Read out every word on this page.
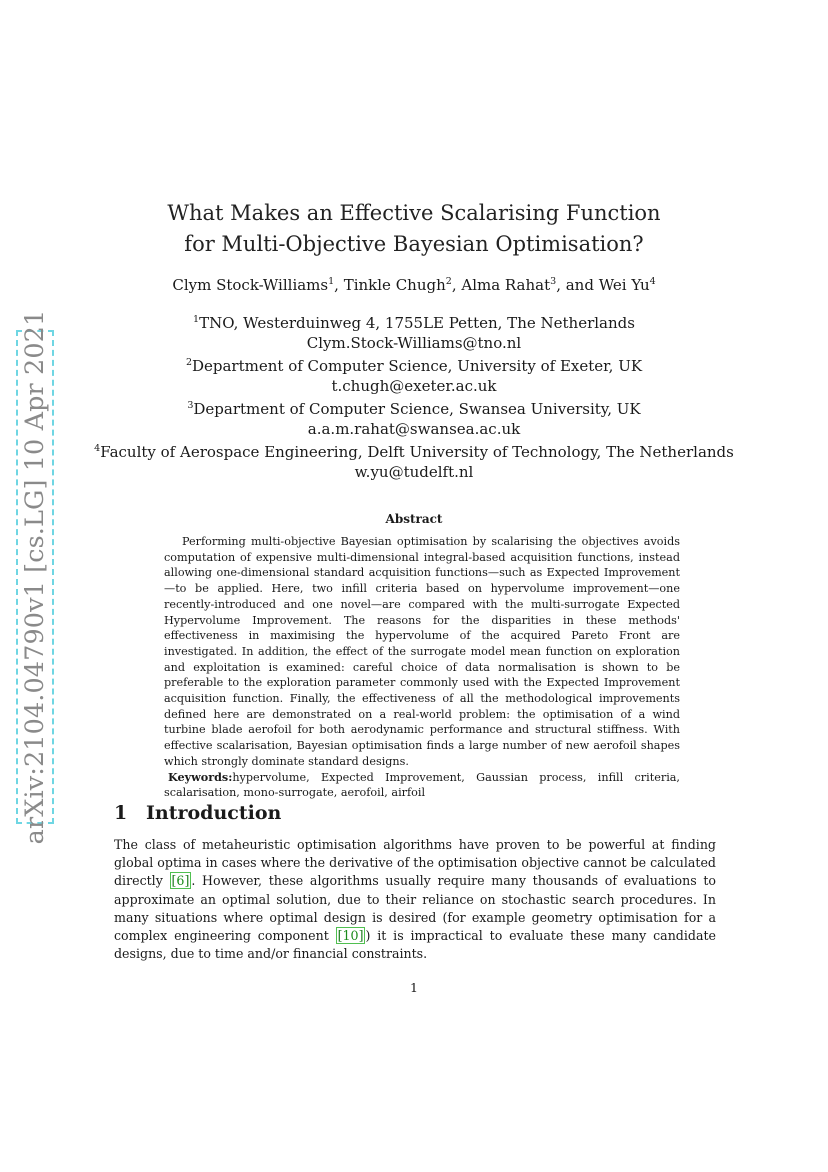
arXiv:2104.04790v1 [cs.LG] 10 Apr 2021
What Makes an Effective Scalarising Function
for Multi-Objective Bayesian Optimisation?
Clym Stock-Williams$^1$, Tinkle Chugh$^2$, Alma Rahat$^3$, and Wei Yu$^4$
$^1$TNO, Westerduinweg 4, 1755LE Petten, The Netherlands
Clym.Stock-Williams@tno.nl
$^2$Department of Computer Science, University of Exeter, UK
t.chugh@exeter.ac.uk
$^3$Department of Computer Science, Swansea University, UK
a.a.m.rahat@swansea.ac.uk
$^4$Faculty of Aerospace Engineering, Delft University of Technology, The Netherlands
w.yu@tudelft.nl
Abstract

Performing multi-objective Bayesian optimisation by scalarising the objectives avoids computation of expensive multi-dimensional integral-based acquisition functions, instead allowing one-dimensional standard acquisition functions—such as Expected Improvement—to be applied. Here, two infill criteria based on hypervolume improvement—one recently-introduced and one novel—are compared with the multi-surrogate Expected Hypervolume Improvement. The reasons for the disparities in these methods' effectiveness in maximising the hypervolume of the acquired Pareto Front are investigated. In addition, the effect of the surrogate model mean function on exploration and exploitation is examined: careful choice of data normalisation is shown to be preferable to the exploration parameter commonly used with the Expected Improvement acquisition function. Finally, the effectiveness of all the methodological improvements defined here are demonstrated on a real-world problem: the optimisation of a wind turbine blade aerofoil for both aerodynamic performance and structural stiffness. With effective scalarisation, Bayesian optimisation finds a large number of new aerofoil shapes which strongly dominate standard designs.

Keywords:hypervolume, Expected Improvement, Gaussian process, infill criteria, scalarisation, mono-surrogate, aerofoil, airfoil

1 Introduction

The class of metaheuristic optimisation algorithms have proven to be powerful at finding global optima in cases where the derivative of the optimisation objective cannot be calculated directly [6] . However, these algorithms usually require many thousands of evaluations to approximate an optimal solution, due to their reliance on stochastic search procedures. In many situations where optimal design is desired (for example geometry optimisation for a complex engineering component [10] ) it is impractical to evaluate these many candidate designs, due to time and/or financial constraints.

1
